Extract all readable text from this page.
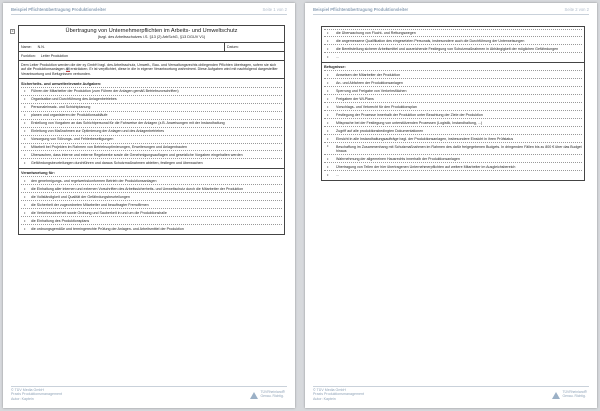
Beispiel Pflichtenübertragung Produktionsleiter	Seite 1 von 2
✥	Übertragung von Unternehmerpflichten im Arbeits- und Umweltschutz
(bzgl. des Arbeitsschutzes i.S. §13 (2) ArbSchG, §13 DGUV V1)
Name: N.N.	Datum:
Funktion: Leiter Produktion
Dem Leiter Produktion werden die der xy GmbH bzgl. des Arbeitsschutz, Umwelt-, Bau- und Verwaltungsrechts obliegenden Pflichten übertragen, sofern sie sich auf die Produktionsanlagen ab ersträcken. Er ist verpflichtet, diese in die in eigener Verantwortung wahrnimmt. Diese Aufgaben wird mit nachfolgend dargestellter Verantwortung und Befugnissen verbunden.
Sicherheits- und umweltrelevante Aufgaben:
• Führen der Mitarbeiter der Produktion (zum Führen der Anlagen gemäß Betriebsvorschriften)
• Organisation und Durchführung des Anlagenbetriebes
• Personaleinsatz- und Schichtplanung
• planen und organisieren der Produktionsabläufe
• Erstellung von Vorgaben an das Schichtpersonal für die Fahrweise der Anlagen (z.B. Anweisungen mit der Instandhaltung
• Einleitung von Maßnahmen zur Optimierung der Anlagen und des Anlagenbetriebes
• Vorsorgung von Störungs- und Fehlerbeseitigungen
• Mitarbeit bei Projekten im Rahmen von Betriebsoptimierungen, Erweiterungen und Anlagenbauten
• Überwachen, dass interne und externe Regelwerke sowie die Genehmigungsauflagen und gesetzliche Vorgaben eingehalten werden
• Gefährdungsbeurteilungen durchführen und daraus Schutzmaßnahmen ableiten, festlegen und überwachen
Verantwortung für:
• den genehmigungs- und regelwerkskonformen Betrieb der Produktionsanlagen
• die Einhaltung aller internen und externen Vorschriften des Arbeitssicherheits- und Umweltschutz durch die Mitarbeiter der Produktion
• die Vollständigkeit und Qualität der Gefährdungsbeurteilungen
• die Sicherheit der zugeordneten Mitarbeiter und beauftragter Fremdfirmen
• die Verkehrssicherheit sowie Ordnung und Sauberkeit in und um die Produktionshalle
• die Einhaltung des Produktionsplans
• die ordnungsgemäße und termingerechte Prüfung der Anlagen- und Arbeitsmittel der Produktion
© TÜV Media GmbH
Praxis Produktionsmanagement
Autor: Kaptein
TÜVRheinland®
Genau. Richtig.
Beispiel Pflichtenübertragung Produktionsleiter	Seite 2 von 2
• die Überwachung von Flucht- und Rettungswegen
• die angemessene Qualifikation des eingesetzten Personals, insbesondere auch die Durchführung der Unterweisungen
• die Bereitstellung sicherer Arbeitsmittel und ausreichende Festlegung von Schutzmaßnahmen in Abhängigkeit der möglichen Gefährdungen
• ...
Befugnisse:
• Anweisen der Mitarbeiter der Produktion
• An- und Abfahren der Produktionsanlagen
• Sperrung und Freigabe von Verkehrsflächen
• Freigaben der Wi-Plans
• Vorschlags- und Vetorecht für den Produktionsplan
• Festlegung der Prozesse innerhalb der Produktion unter Beachtung der Ziele der Produktion
• Mitsprache bei der Festlegung von unterstützenden Prozessen (Logistik, Instandhaltung, ...)
• Zugriff auf alle produktionsbedingten Dokumentationen
• Einsicht in alle Instandhaltungsaufträge bzgl. der Produktionsanlagen, insbesondere Einsicht in ihren Prüfstatus
• Beschaffung im Zusammenhang mit Schutzmaßnahmen im Rahmen des dafür freigegebenen Budgets. In dringenden Fällen bis zu 800 € über das Budget hinaus
• Wahrnehmung der allgemeinen Hausrechts innerhalb der Produktionsanlagen
• Übertragung von Teilen der hier übertragenen Unternehmerpflichten auf weitere Mitarbeiter im Ausgleichsbereich
• ...
© TÜV Media GmbH
Praxis Produktionsmanagement
Autor: Kaptein
TÜVRheinland®
Genau. Richtig.
